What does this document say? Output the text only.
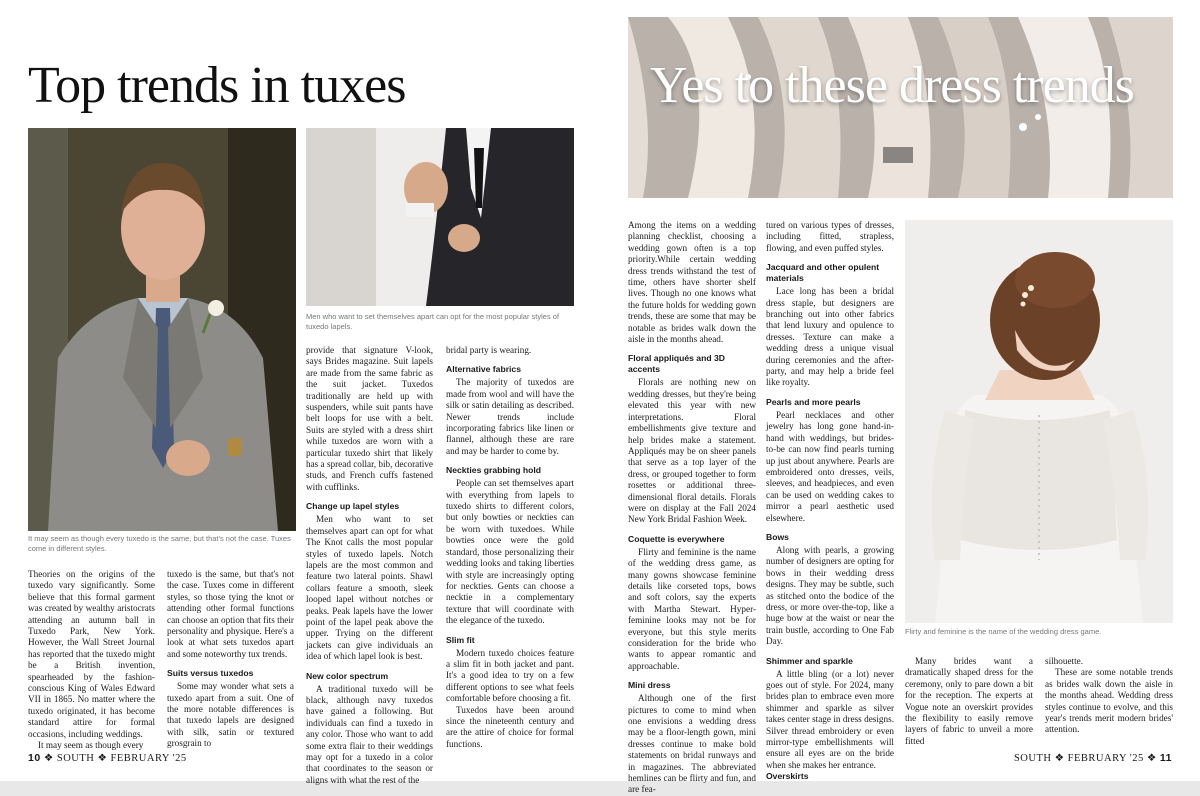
Top trends in tuxes
It may seem as though every tuxedo is the same, but that's not the case. Tuxes come in different styles.
Men who want to set themselves apart can opt for the most popular styles of tuxedo lapels.

Theories on the origins of the tuxedo vary significantly. Some believe that this formal garment was created by wealthy aristocrats attending an autumn ball in Tuxedo Park, New York. However, the Wall Street Journal has reported that the tuxedo might be a British invention, spearheaded by the fashion-conscious King of Wales Edward VII in 1865. No matter where the tuxedo originated, it has become standard attire for formal occasions, including weddings.

It may seem as though every

tuxedo is the same, but that's not the case. Tuxes come in different styles, so those tying the knot or attending other formal functions can choose an option that fits their personality and physique. Here's a look at what sets tuxedos apart and some noteworthy tux trends.

Suits versus tuxedos

Some may wonder what sets a tuxedo apart from a suit. One of the more notable differences is that tuxedo lapels are designed with silk, satin or textured grosgrain to

provide that signature V-look, says Brides magazine. Suit lapels are made from the same fabric as the suit jacket. Tuxedos traditionally are held up with suspenders, while suit pants have belt loops for use with a belt. Suits are styled with a dress shirt while tuxedos are worn with a particular tuxedo shirt that likely has a spread collar, bib, decorative studs, and French cuffs fastened with cufflinks.

Change up lapel styles

Men who want to set themselves apart can opt for what The Knot calls the most popular styles of tuxedo lapels. Notch lapels are the most common and feature two lateral points. Shawl collars feature a smooth, sleek looped lapel without notches or peaks. Peak lapels have the lower point of the lapel peak above the upper. Trying on the different jackets can give individuals an idea of which lapel look is best.

New color spectrum

A traditional tuxedo will be black, although navy tuxedos have gained a following. But individuals can find a tuxedo in any color. Those who want to add some extra flair to their weddings may opt for a tuxedo in a color that coordinates to the season or aligns with what the rest of the

bridal party is wearing.

Alternative fabrics

The majority of tuxedos are made from wool and will have the silk or satin detailing as described. Newer trends include incorporating fabrics like linen or flannel, although these are rare and may be harder to come by.

Neckties grabbing hold

People can set themselves apart with everything from lapels to tuxedo shirts to different colors, but only bowties or neckties can be worn with tuxedoes. While bowties once were the gold standard, those personalizing their wedding looks and taking liberties with style are increasingly opting for neckties. Gents can choose a necktie in a complementary texture that will coordinate with the elegance of the tuxedo.

Slim fit

Modern tuxedo choices feature a slim fit in both jacket and pant. It's a good idea to try on a few different options to see what feels comfortable before choosing a fit.

Tuxedos have been around since the nineteenth century and are the attire of choice for formal functions.

10 ❖ SOUTH ❖ FEBRUARY '25
Yes to these dress trends
Flirty and feminine is the name of the wedding dress game.

Among the items on a wedding planning checklist, choosing a wedding gown often is a top priority.While certain wedding dress trends withstand the test of time, others have shorter shelf lives. Though no one knows what the future holds for wedding gown trends, these are some that may be notable as brides walk down the aisle in the months ahead.

Floral appliqués and 3D accents

Florals are nothing new on wedding dresses, but they're being elevated this year with new interpretations. Floral embellishments give texture and help brides make a statement. Appliqués may be on sheer panels that serve as a top layer of the dress, or grouped together to form rosettes or additional three-dimensional floral details. Florals were on display at the Fall 2024 New York Bridal Fashion Week.

Coquette is everywhere

Flirty and feminine is the name of the wedding dress game, as many gowns showcase feminine details like corseted tops, bows and soft colors, say the experts with Martha Stewart. Hyper-feminine looks may not be for everyone, but this style merits consideration for the bride who wants to appear romantic and approachable.

Mini dress

Although one of the first pictures to come to mind when one envisions a wedding dress may be a floor-length gown, mini dresses continue to make bold statements on bridal runways and in magazines. The abbreviated hemlines can be flirty and fun, and are fea-

tured on various types of dresses, including fitted, strapless, flowing, and even puffed styles.

Jacquard and other opulent materials

Lace long has been a bridal dress staple, but designers are branching out into other fabrics that lend luxury and opulence to dresses. Texture can make a wedding dress a unique visual during ceremonies and the after-party, and may help a bride feel like royalty.

Pearls and more pearls

Pearl necklaces and other jewelry has long gone hand-in-hand with weddings, but brides-to-be can now find pearls turning up just about anywhere. Pearls are embroidered onto dresses, veils, sleeves, and headpieces, and even can be used on wedding cakes to mirror a pearl aesthetic used elsewhere.

Bows

Along with pearls, a growing number of designers are opting for bows in their wedding dress designs. They may be subtle, such as stitched onto the bodice of the dress, or more over-the-top, like a huge bow at the waist or near the train bustle, according to One Fab Day.

Shimmer and sparkle

A little bling (or a lot) never goes out of style. For 2024, many brides plan to embrace even more shimmer and sparkle as silver takes center stage in dress designs. Silver thread embroidery or even mirror-type embellishments will ensure all eyes are on the bride when she makes her entrance.

Overskirts

Many brides want a dramatically shaped dress for the ceremony, only to pare down a bit for the reception. The experts at Vogue note an overskirt provides the flexibility to easily remove layers of fabric to unveil a more fitted

silhouette.

These are some notable trends as brides walk down the aisle in the months ahead. Wedding dress styles continue to evolve, and this year's trends merit modern brides' attention.

SOUTH ❖ FEBRUARY '25 ❖ 11
